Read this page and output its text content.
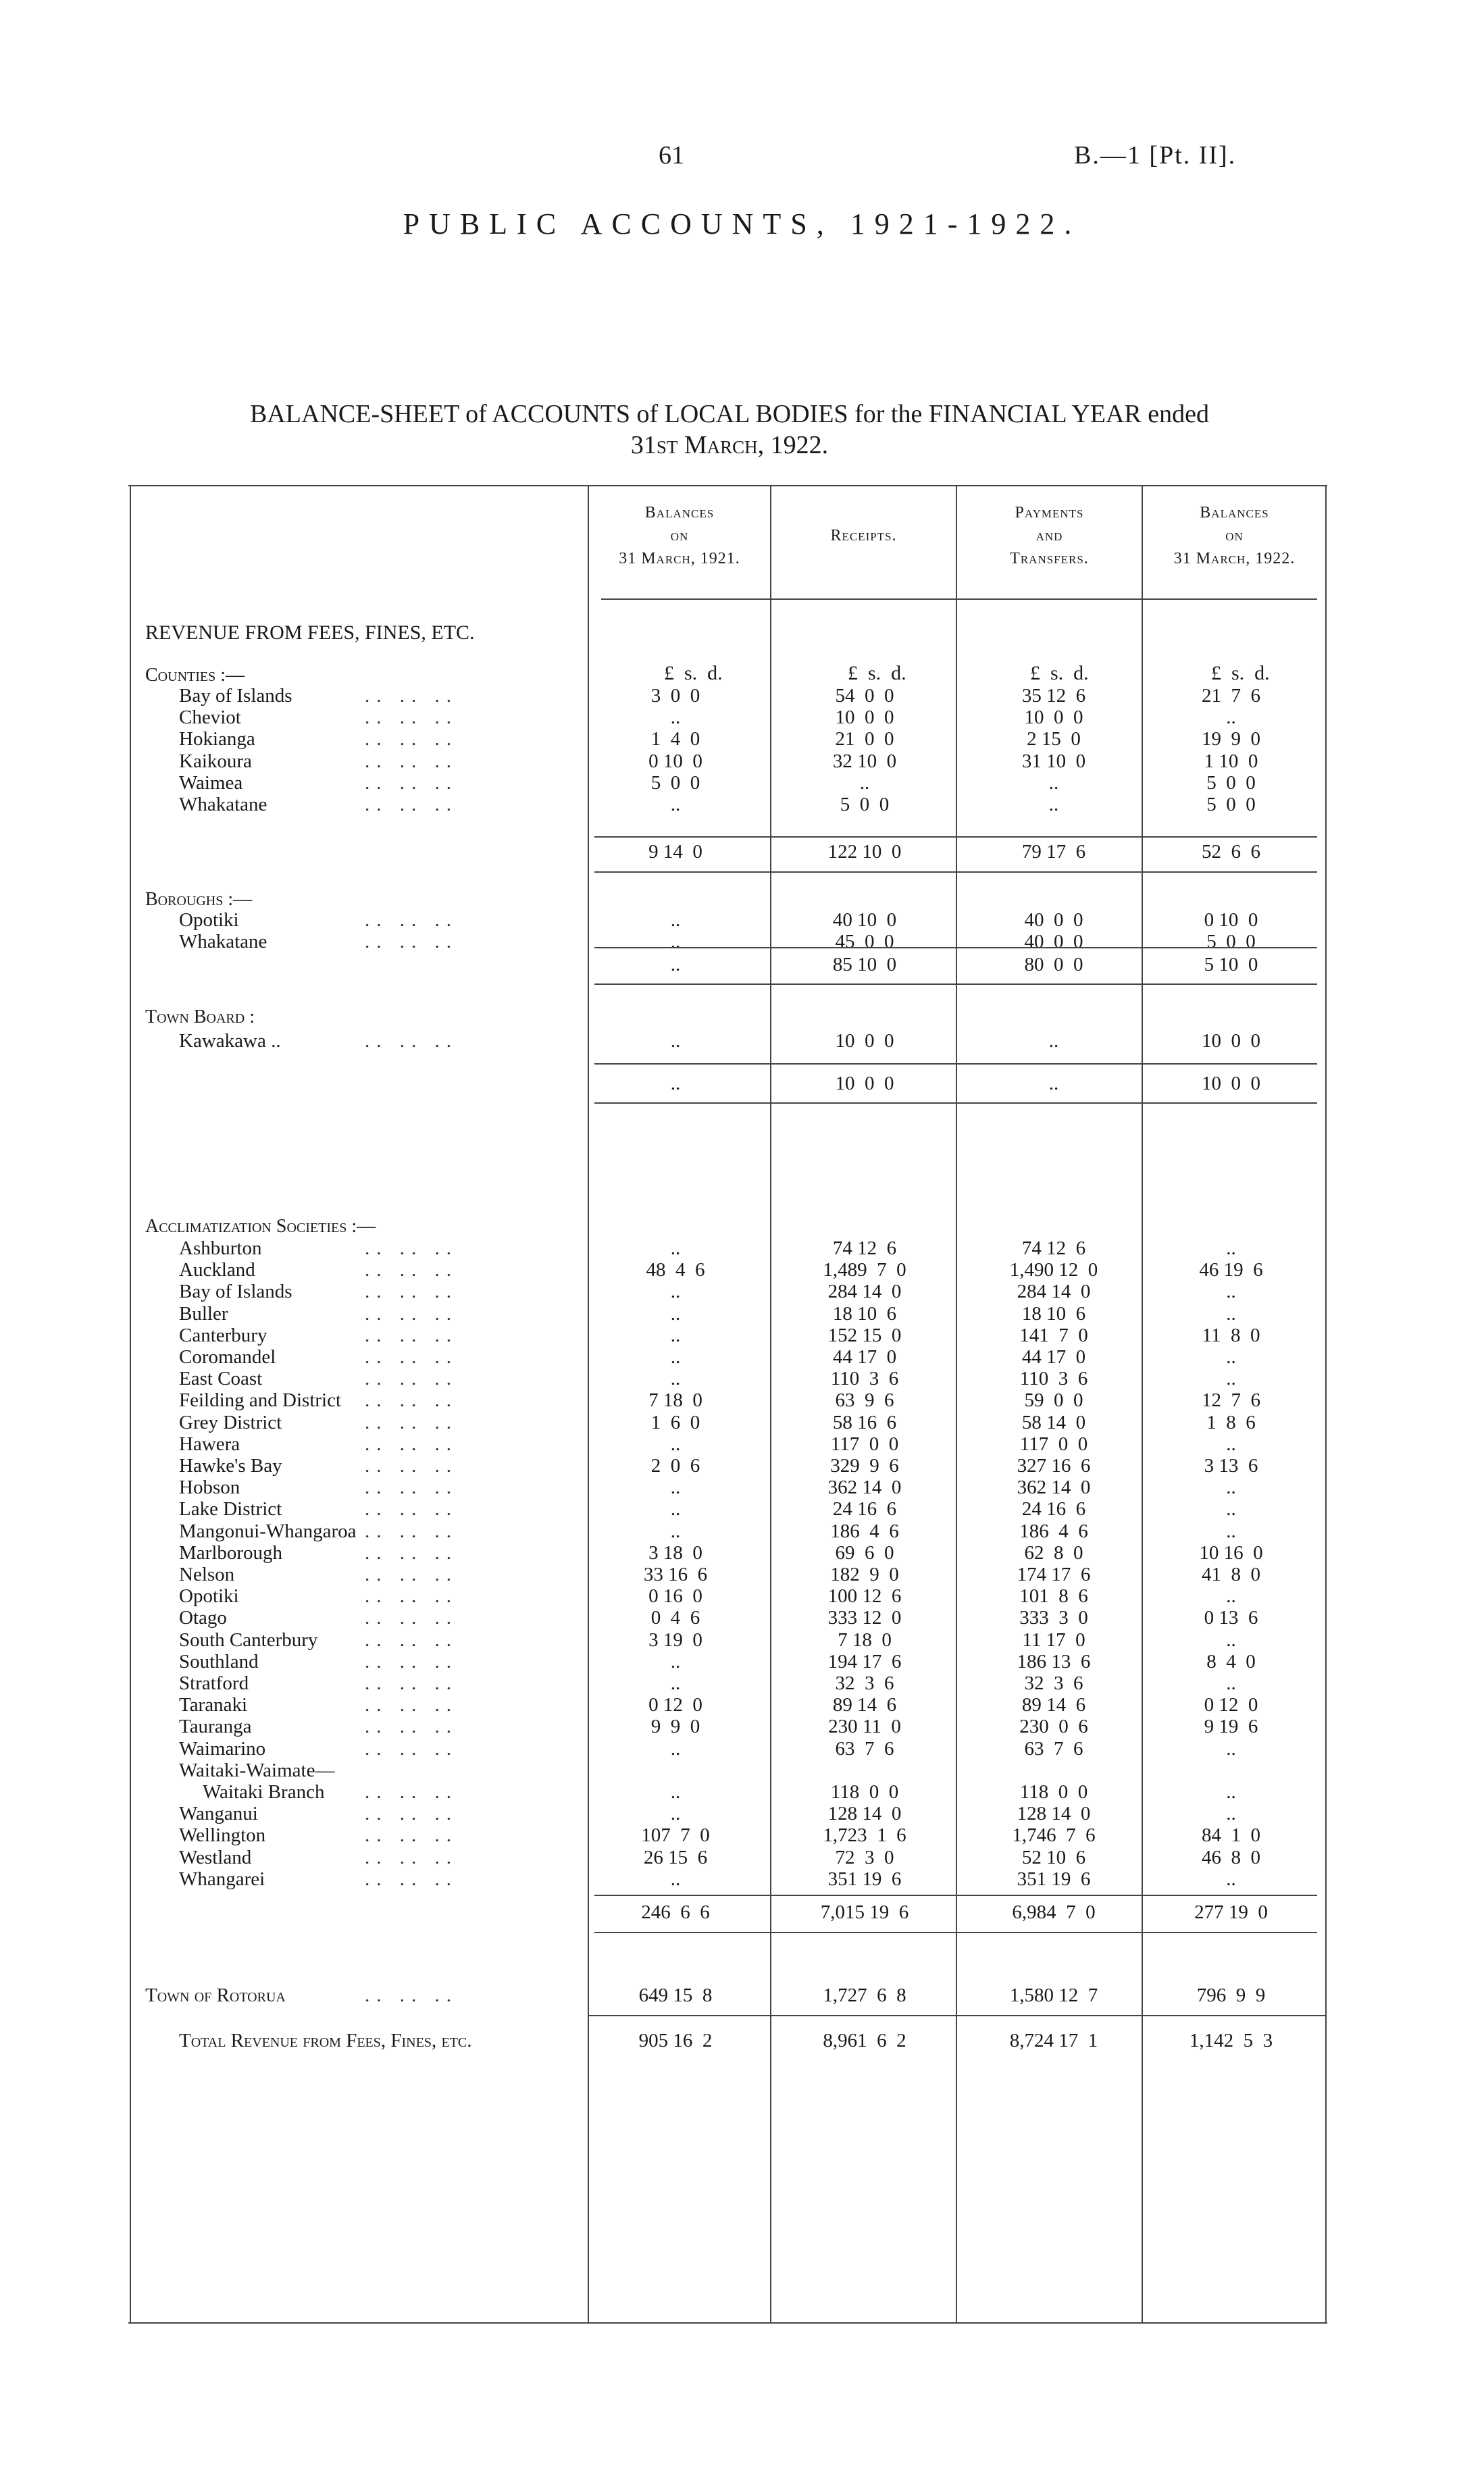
61	B.—1 [Pt. II].
PUBLIC ACCOUNTS, 1921-1922.
BALANCE-SHEET of ACCOUNTS of LOCAL BODIES for the FINANCIAL YEAR ended
31st March, 1922.
Balances
on
31 March, 1921.
Receipts.
Payments
and
Transfers.
Balances
on
31 March, 1922.
REVENUE FROM FEES, FINES, ETC.
£  s.  d.	£  s.  d.	£  s.  d.	£  s.  d.
Counties :—
Bay of Islands	.. .. ..	3  0  0	54  0  0	35 12  6	21  7  6
Cheviot	.. .. ..	..	10  0  0	10  0  0	..
Hokianga	.. .. ..	1  4  0	21  0  0	2 15  0	19  9  0
Kaikoura	.. .. ..	0 10  0	32 10  0	31 10  0	1 10  0
Waimea	.. .. ..	5  0  0	..	..	5  0  0
Whakatane	.. .. ..	..	5  0  0	..	5  0  0
9 14  0	122 10  0	79 17  6	52  6  6
Boroughs :—
Opotiki	.. .. ..	..	40 10  0	40  0  0	0 10  0
Whakatane	.. .. ..	..	45  0  0	40  0  0	5  0  0
..	85 10  0	80  0  0	5 10  0
Town Board :
Kawakawa ..	.. .. ..	..	10  0  0	..	10  0  0
..	10  0  0	..	10  0  0
Acclimatization Societies :—
Ashburton	.. .. ..	..	74 12  6	74 12  6	..
Auckland	.. .. ..	48  4  6	1,489  7  0	1,490 12  0	46 19  6
Bay of Islands	.. .. ..	..	284 14  0	284 14  0	..
Buller	.. .. ..	..	18 10  6	18 10  6	..
Canterbury	.. .. ..	..	152 15  0	141  7  0	11  8  0
Coromandel	.. .. ..	..	44 17  0	44 17  0	..
East Coast	.. .. ..	..	110  3  6	110  3  6	..
Feilding and District .. .. ..	7 18  0	63  9  6	59  0  0	12  7  6
Grey District	.. .. ..	1  6  0	58 16  6	58 14  0	1  8  6
Hawera	.. .. ..	..	117  0  0	117  0  0	..
Hawke's Bay	.. .. ..	2  0  6	329  9  6	327 16  6	3 13  6
Hobson	.. .. ..	..	362 14  0	362 14  0	..
Lake District	.. .. ..	..	24 16  6	24 16  6	..
Mangonui-Whangaroa .. .. ..	..	186  4  6	186  4  6	..
Marlborough	.. .. ..	3 18  0	69  6  0	62  8  0	10 16  0
Nelson	.. .. ..	33 16  6	182  9  0	174 17  6	41  8  0
Opotiki	.. .. ..	0 16  0	100 12  6	101  8  6	..
Otago	.. .. ..	0  4  6	333 12  0	333  3  0	0 13  6
South Canterbury .. .. ..	3 19  0	7 18  0	11 17  0	..
Southland	.. .. ..	..	194 17  6	186 13  6	8  4  0
Stratford	.. .. ..	..	32  3  6	32  3  6	..
Taranaki	.. .. ..	0 12  0	89 14  6	89 14  6	0 12  0
Tauranga	.. .. ..	9  9  0	230 11  0	230  0  6	9 19  6
Waimarino	.. .. ..	..	63  7  6	63  7  6	..
Waitaki-Waimate—
Waitaki Branch .. .. ..	..	118  0  0	118  0  0	..
Wanganui	.. .. ..	..	128 14  0	128 14  0	..
Wellington	.. .. ..	107  7  0	1,723  1  6	1,746  7  6	84  1  0
Westland	.. .. ..	26 15  6	72  3  0	52 10  6	46  8  0
Whangarei	.. .. ..	..	351 19  6	351 19  6	..
246  6  6	7,015 19  6	6,984  7  0	277 19  0
Town of Rotorua	.. .. ..	649 15  8	1,727  6  8	1,580 12  7	796  9  9
Total Revenue from Fees, Fines, etc.	905 16  2	8,961  6  2	8,724 17  1	1,142  5  3
